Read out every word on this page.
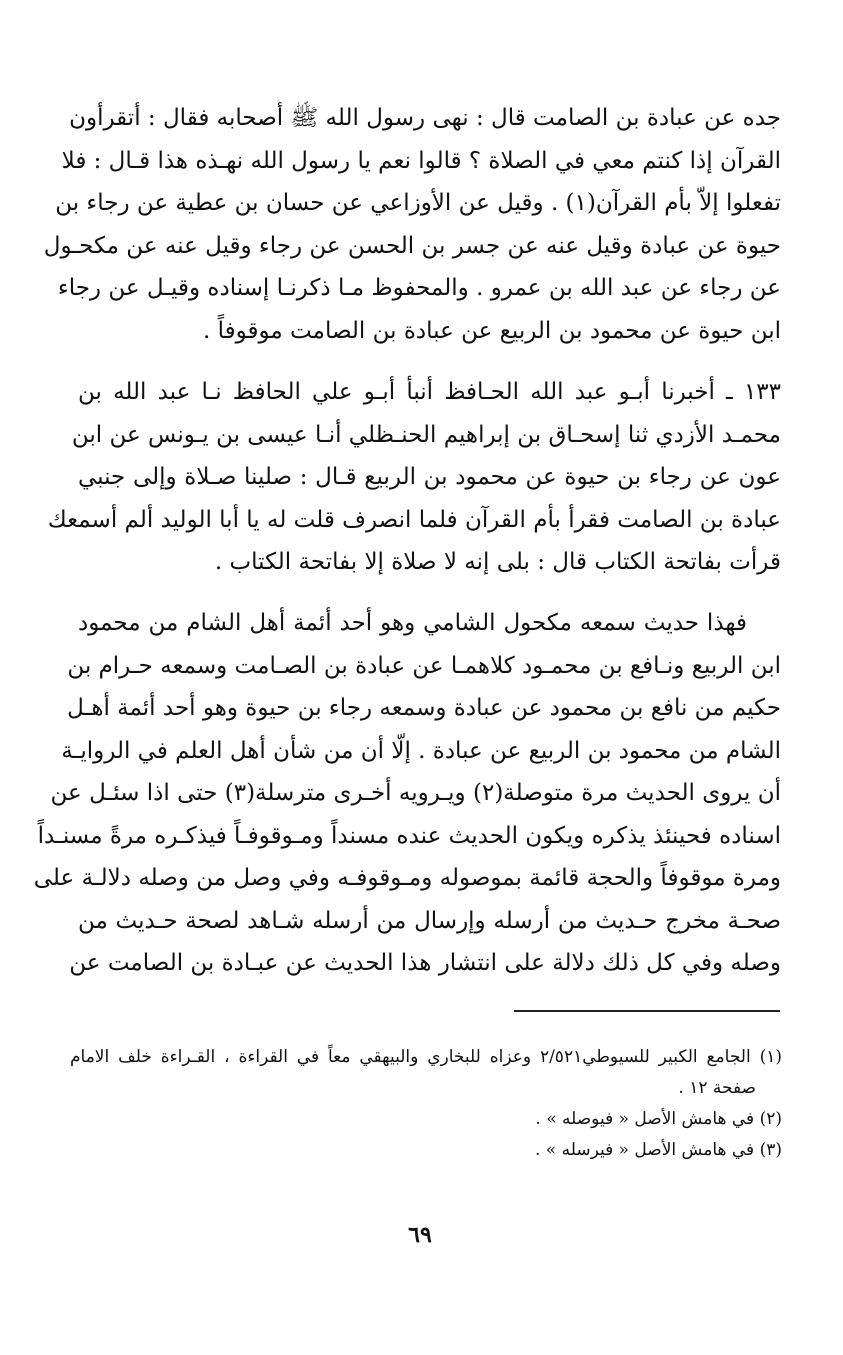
جده عن عبادة بن الصامت قال : نهى رسول الله ﷺ أصحابه فقال : أتقرأون
القرآن إذا كنتم معي في الصلاة ؟ قالوا نعم يا رسول الله نهـذه هذا قـال : فلا
تفعلوا إلاّ بأم القرآن(١) . وقيل عن الأوزاعي عن حسان بن عطية عن رجاء بن
حيوة عن عبادة وقيل عنه عن جسر بن الحسن عن رجاء وقيل عنه عن مكحـول
عن رجاء عن عبد الله بن عمرو . والمحفوظ مـا ذكرنـا إسناده وقيـل عن رجاء
ابن حيوة عن محمود بن الربيع عن عبادة بن الصامت موقوفاً .
١٣٣ ـ أخبرنا أبـو عبد الله الحـافظ أنبأ أبـو علي الحافظ نـا عبد الله بن
محمـد الأزدي ثنا إسحـاق بن إبراهيم الحنـظلي أنـا عيسى بن يـونس عن ابن
عون عن رجاء بن حيوة عن محمود بن الربيع قـال : صلينا صـلاة وإلى جنبي
عبادة بن الصامت فقرأ بأم القرآن فلما انصرف قلت له يا أبا الوليد ألم أسمعك
قرأت بفاتحة الكتاب قال : بلى إنه لا صلاة إلا بفاتحة الكتاب .
فهذا حديث سمعه مكحول الشامي وهو أحد أئمة أهل الشام من محمود
ابن الربيع ونـافع بن محمـود كلاهمـا عن عبادة بن الصـامت وسمعه حـرام بن
حكيم من نافع بن محمود عن عبادة وسمعه رجاء بن حيوة وهو أحد أئمة أهـل
الشام من محمود بن الربيع عن عبادة . إلّا أن من شأن أهل العلم في الروايـة
أن يروى الحديث مرة متوصلة(٢) ويـرويه أخـرى مترسلة(٣) حتى اذا سئـل عن
اسناده فحينئذ يذكره ويكون الحديث عنده مسنداً ومـوقوفـاً فيذكـره مرةً مسنـداً
ومرة موقوفاً والحجة قائمة بموصوله ومـوقوفـه وفي وصل من وصله دلالـة على
صحـة مخرج حـديث من أرسله وإرسال من أرسله شـاهد لصحة حـديث من
وصله وفي كل ذلك دلالة على انتشار هذا الحديث عن عبـادة بن الصامت عن
(١) الجامع الكبير للسيوطي٢/٥٢١ وعزاه للبخاري والبيهقي معاً في القراءة ، القـراءة خلف الامام
صفحة ١٢ .
(٢) في هامش الأصل « فيوصله » .
(٣) في هامش الأصل « فيرسله » .
٦٩
